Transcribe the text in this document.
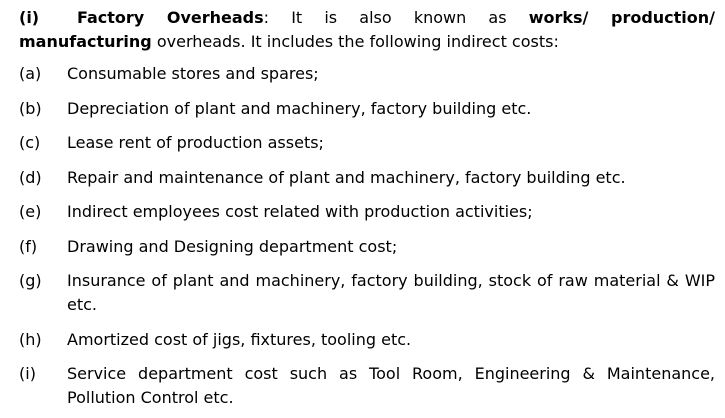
(i) Factory Overheads: It is also known as works/ production/ manufacturing overheads. It includes the following indirect costs:

(a)	Consumable stores and spares;
(b)	Depreciation of plant and machinery, factory building etc.
(c)	Lease rent of production assets;
(d)	Repair and maintenance of plant and machinery, factory building etc.
(e)	Indirect employees cost related with production activities;
(f)	Drawing and Designing department cost;
(g)	Insurance of plant and machinery, factory building, stock of raw material & WIP etc.
(h)	Amortized cost of jigs, fixtures, tooling etc.
(i)	Service department cost such as Tool Room, Engineering & Maintenance, Pollution Control etc.
